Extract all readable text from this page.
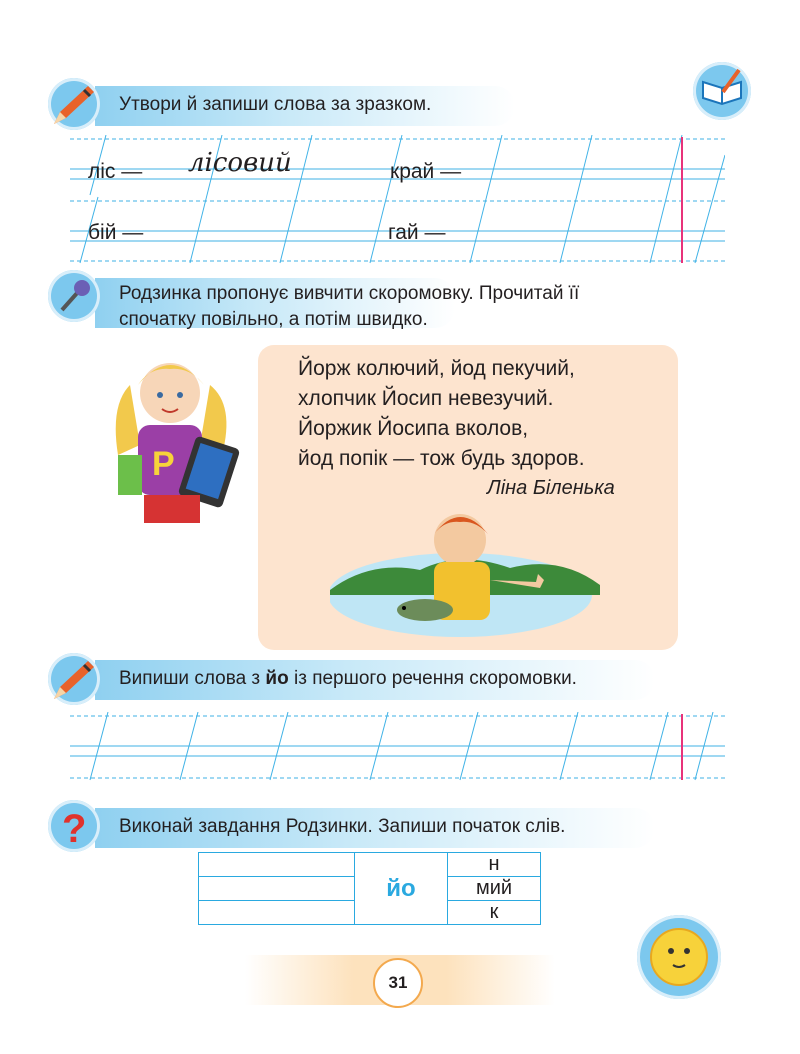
Утвори й запиши слова за зразком.
ліс — лісовий	край —
бій —	гай —
Родзинка пропонує вивчити скоромовку. Прочитай її
спочатку повільно, а потім швидко.
P
Йорж колючий, йод пекучий,
хлопчик Йосип невезучий.
Йоржик Йосипа вколов,
йод попік — тож будь здоров.
Ліна Біленька
Випиши слова з йо із першого речення скоромовки.
? Виконай завдання Родзинки. Запиши початок слів.
	йо	н
		мий
		к
31
